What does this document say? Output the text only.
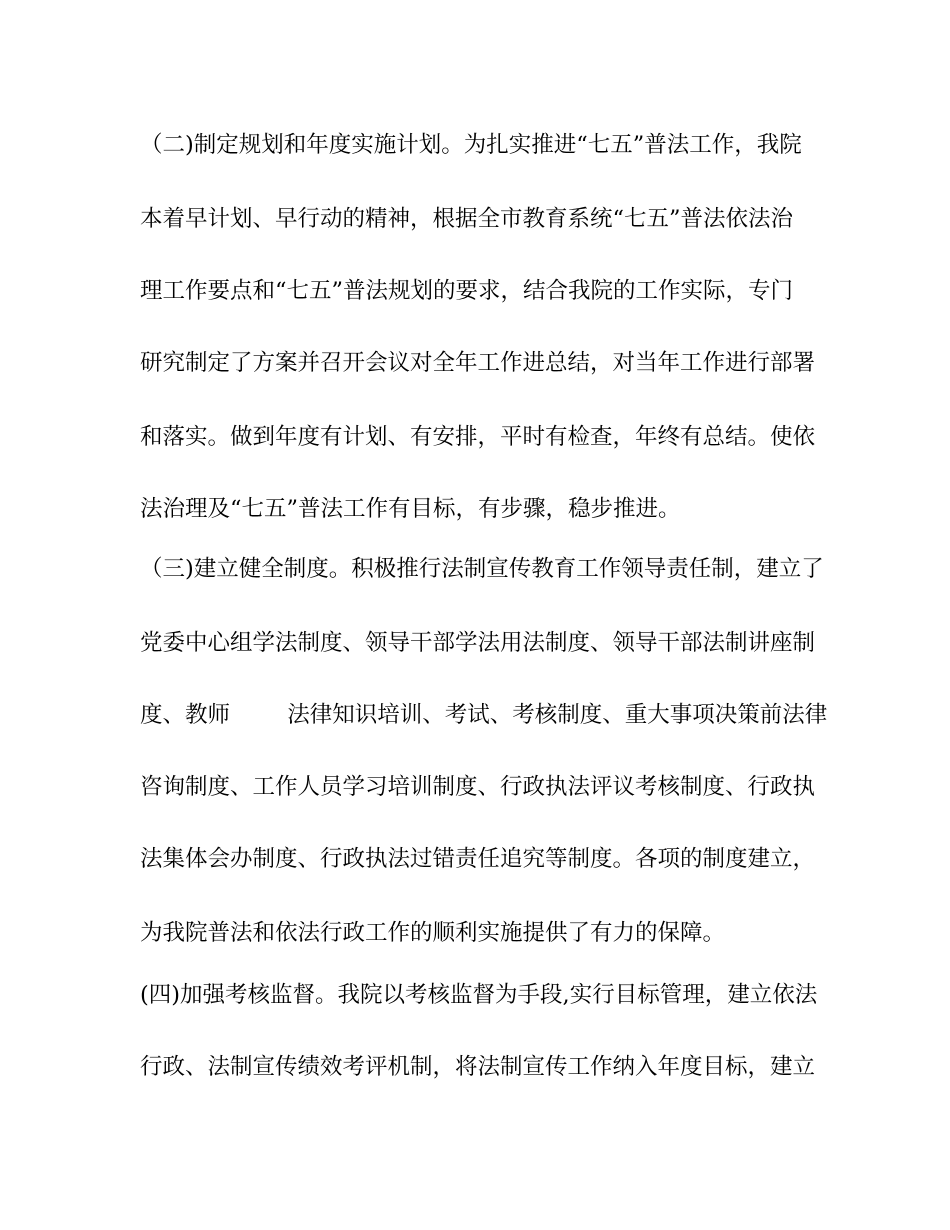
（二)制定规划和年度实施计划。为扎实推进“七五”普法工作，我院
本着早计划、早行动的精神，根据全市教育系统“七五”普法依法治
理工作要点和“七五”普法规划的要求，结合我院的工作实际，专门
研究制定了方案并召开会议对全年工作进总结，对当年工作进行部署
和落实。做到年度有计划、有安排，平时有检查，年终有总结。使依
法治理及“七五”普法工作有目标，有步骤，稳步推进。
（三)建立健全制度。积极推行法制宣传教育工作领导责任制，建立了
党委中心组学法制度、领导干部学法用法制度、领导干部法制讲座制
度、教师        法律知识培训、考试、考核制度、重大事项决策前法律
咨询制度、工作人员学习培训制度、行政执法评议考核制度、行政执
法集体会办制度、行政执法过错责任追究等制度。各项的制度建立，
为我院普法和依法行政工作的顺利实施提供了有力的保障。
(四)加强考核监督。我院以考核监督为手段,实行目标管理，建立依法
行政、法制宣传绩效考评机制，将法制宣传工作纳入年度目标，建立
